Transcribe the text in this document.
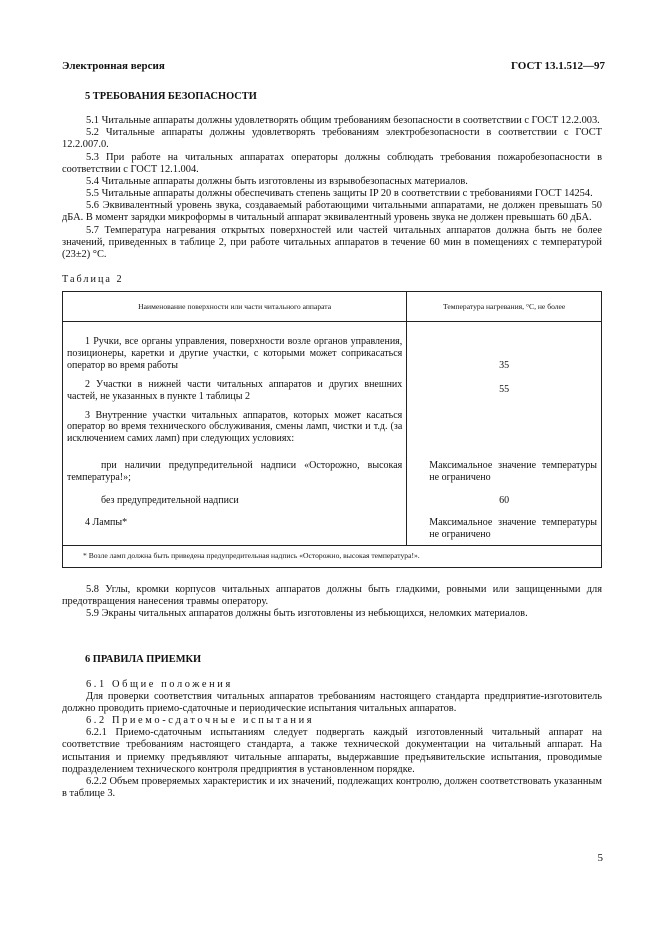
Электронная версия	ГОСТ 13.1.512—97
5 ТРЕБОВАНИЯ БЕЗОПАСНОСТИ

5.1 Читальные аппараты должны удовлетворять общим требованиям безопасности в соответствии с ГОСТ 12.2.003.

5.2 Читальные аппараты должны удовлетворять требованиям электробезопасности в соответствии с ГОСТ 12.2.007.0.

5.3 При работе на читальных аппаратах операторы должны соблюдать требования пожаробезопасности в соответствии с ГОСТ 12.1.004.

5.4 Читальные аппараты должны быть изготовлены из взрывобезопасных материалов.

5.5 Читальные аппараты должны обеспечивать степень защиты IP 20 в соответствии с требованиями ГОСТ 14254.

5.6 Эквивалентный уровень звука, создаваемый работающими читальными аппаратами, не должен превышать 50 дБА. В момент зарядки микроформы в читальный аппарат эквивалентный уровень звука не должен превышать 60 дБА.

5.7 Температура нагревания открытых поверхностей или частей читальных аппаратов должна быть не более значений, приведенных в таблице 2, при работе читальных аппаратов в течение 60 мин в помещениях с температурой (23±2) °С.

Таблица 2
Наименование поверхности или части читального аппарата	Температура нагревания, °С, не более
1 Ручки, все органы управления, поверхности возле органов управления, позиционеры, каретки и другие участки, с которыми может соприкасаться оператор во время работы	35
2 Участки в нижней части читальных аппаратов и других внешних частей, не указанных в пункте 1 таблицы 2	55
3 Внутренние участки читальных аппаратов, которых может касаться оператор во время технического обслуживания, смены ламп, чистки и т.д. (за исключением самих ламп) при следующих условиях:	
при наличии предупредительной надписи «Осторожно, высокая температура!»;	Максимальное значение температуры не ограничено
без предупредительной надписи	60
4 Лампы*	Максимальное значение температуры не ограничено
* Возле ламп должна быть приведена предупредительная надпись «Осторожно, высокая температура!».	

5.8 Углы, кромки корпусов читальных аппаратов должны быть гладкими, ровными или защищенными для предотвращения нанесения травмы оператору.

5.9 Экраны читальных аппаратов должны быть изготовлены из небьющихся, неломких материалов.

6 ПРАВИЛА ПРИЕМКИ

6.1 Общие положения

Для проверки соответствия читальных аппаратов требованиям настоящего стандарта предприятие-изготовитель должно проводить приемо-сдаточные и периодические испытания читальных аппаратов.

6.2 Приемо-сдаточные испытания

6.2.1 Приемо-сдаточным испытаниям следует подвергать каждый изготовленный читальный аппарат на соответствие требованиям настоящего стандарта, а также технической документации на читальный аппарат. На испытания и приемку предъявляют читальные аппараты, выдержавшие предъявительские испытания, проводимые подразделением технического контроля предприятия в установленном порядке.

6.2.2 Объем проверяемых характеристик и их значений, подлежащих контролю, должен соответствовать указанным в таблице 3.

5
